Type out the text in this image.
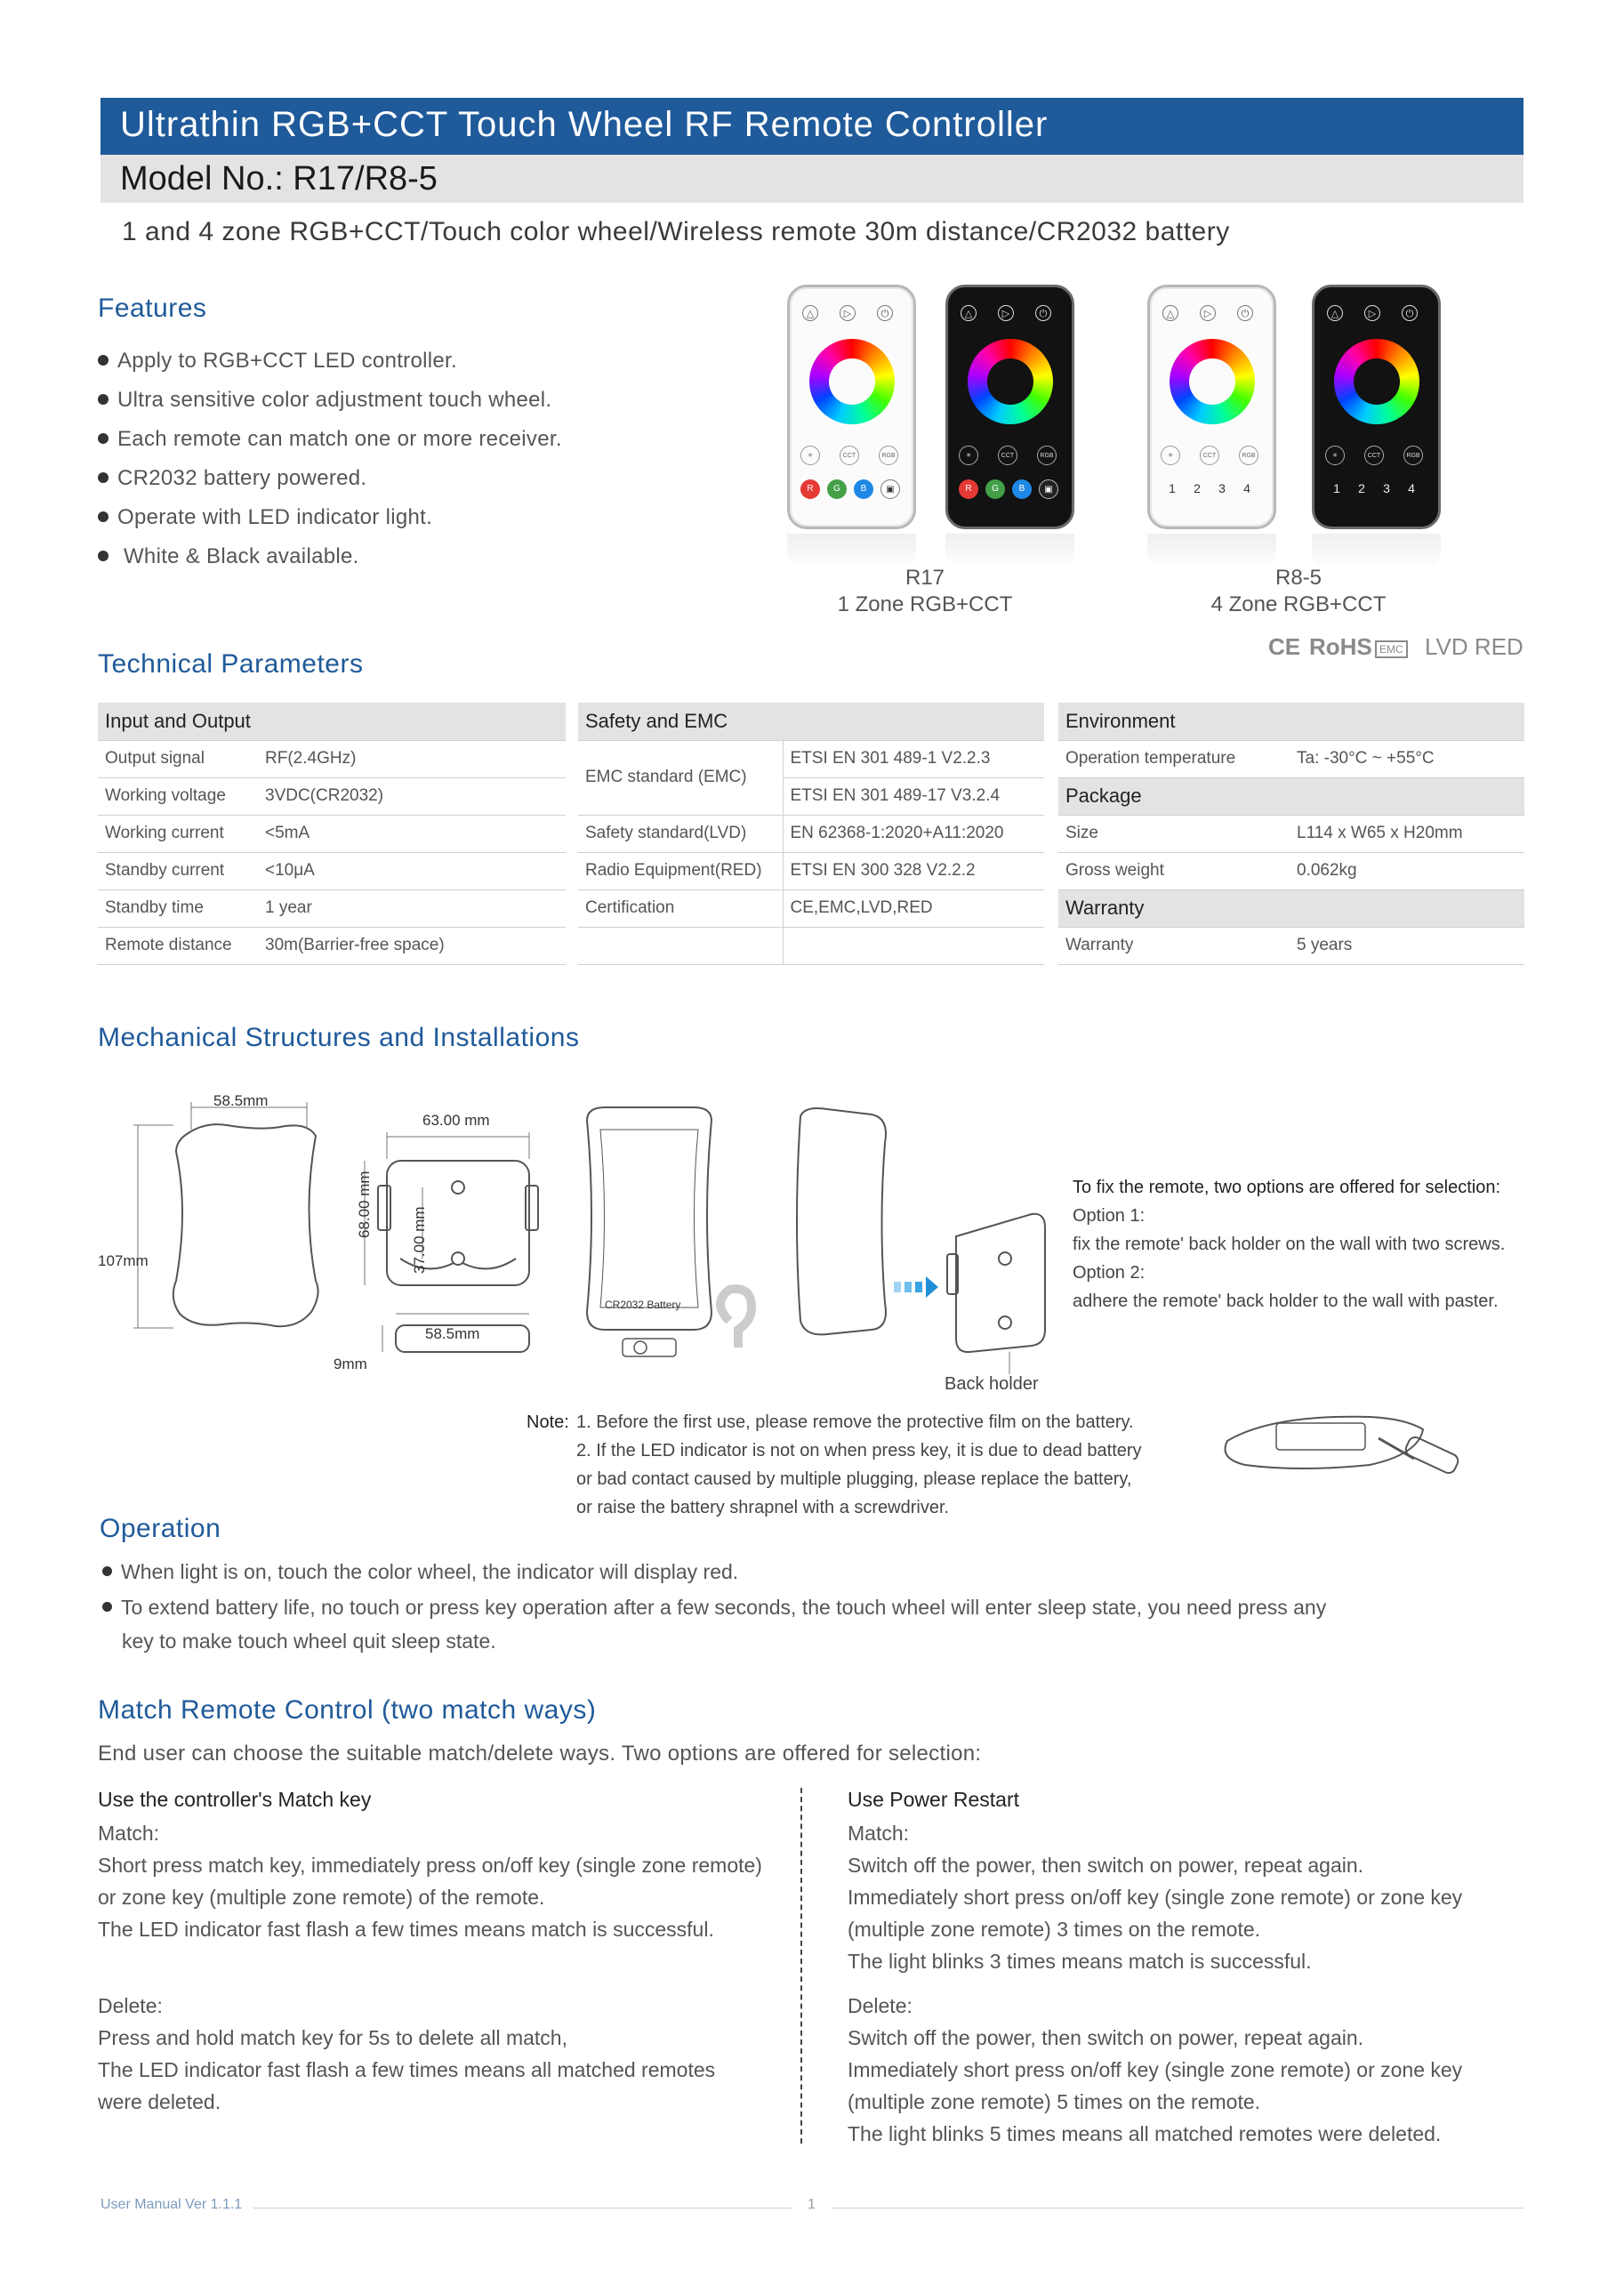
Ultrathin RGB+CCT Touch Wheel RF Remote Controller
Model No.: R17/R8-5
1 and 4 zone RGB+CCT/Touch color wheel/Wireless remote 30m distance/CR2032 battery
Features
Apply to RGB+CCT LED controller.
Ultra sensitive color adjustment touch wheel.
Each remote can match one or more receiver.
CR2032 battery powered.
Operate with LED indicator light.
White & Black available.
△	▷	⏻
✳	CCT	RGB
R	G	B	▣
△	▷	⏻
✳	CCT	RGB
R	G	B	▣
△	▷	⏻
✳	CCT	RGB
1 2 3 4
△	▷	⏻
✳	CCT	RGB
1 2 3 4
R17
1 Zone RGB+CCT
R8-5
4 Zone RGB+CCT
CE RoHS EMC LVD RED
Technical Parameters
Input and Output	
Output signal	RF(2.4GHz)
Working voltage	3VDC(CR2032)
Working current	<5mA
Standby current	<10μA
Standby time	1 year
Remote distance	30m(Barrier-free space)
Safety and EMC	
EMC standard (EMC)	ETSI EN 301 489-1 V2.2.3
	ETSI EN 301 489-17 V3.2.4
Safety standard(LVD)	EN 62368-1:2020+A11:2020
Radio Equipment(RED)	ETSI EN 300 328 V2.2.2
Certification	CE,EMC,LVD,RED

Environment	
Operation temperature	Ta: -30°C ~ +55°C
Package	
Size	L114 x W65 x H20mm
Gross weight	0.062kg
Warranty	
Warranty	5 years
Mechanical Structures and Installations
58.5mm
107mm
63.00 mm
68.00 mm
37.00 mm
58.5mm
9mm
CR2032 Battery
Back holder
To fix the remote, two options are offered for selection:
Option 1:
fix the remote' back holder on the wall with two screws.
Option 2:
adhere the remote' back holder to the wall with paster.
Note: 1. Before the first use, please remove the protective film on the battery.
2. If the LED indicator is not on when press key, it is due to dead battery
or bad contact caused by multiple plugging, please replace the battery,
or raise the battery shrapnel with a screwdriver.
Operation
When light is on, touch the color wheel, the indicator will display red.
To extend battery life, no touch or press key operation after a few seconds, the touch wheel will enter sleep state, you need press any
key to make touch wheel quit sleep state.
Match Remote Control (two match ways)
End user can choose the suitable match/delete ways. Two options are offered for selection:
Use the controller's Match key
Match:
Short press match key, immediately press on/off key (single zone remote)
or zone key (multiple zone remote) of the remote.
The LED indicator fast flash a few times means match is successful.
Delete:
Press and hold match key for 5s to delete all match,
The LED indicator fast flash a few times means all matched remotes
were deleted.
Use Power Restart
Match:
Switch off the power, then switch on power, repeat again.
Immediately short press on/off key (single zone remote) or zone key
(multiple zone remote) 3 times on the remote.
The light blinks 3 times means match is successful.
Delete:
Switch off the power, then switch on power, repeat again.
Immediately short press on/off key (single zone remote) or zone key
(multiple zone remote) 5 times on the remote.
The light blinks 5 times means all matched remotes were deleted.
User Manual Ver 1.1.1	1
